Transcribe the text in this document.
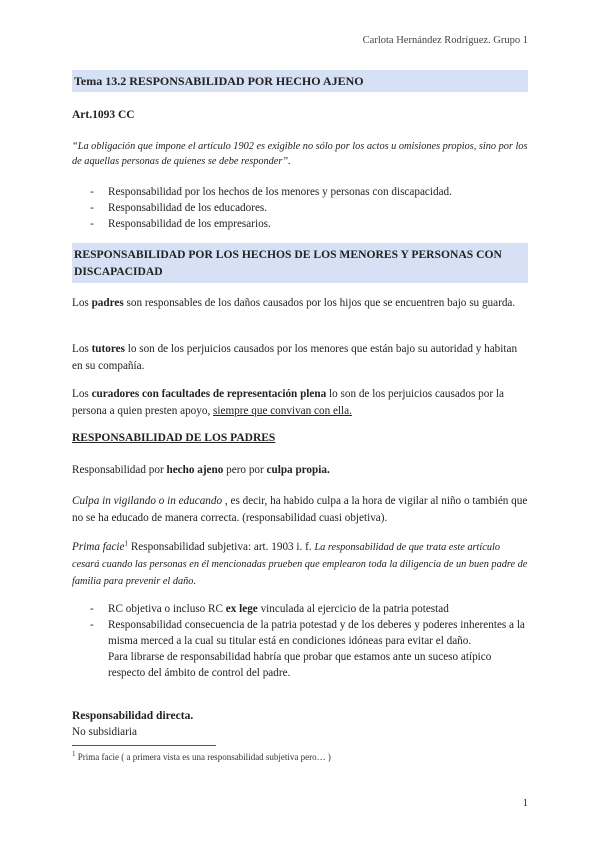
Carlota Hernández Rodríguez. Grupo 1
Tema 13.2 RESPONSABILIDAD POR HECHO AJENO
Art.1093 CC
“La obligación que impone el artículo 1902 es exigible no sólo por los actos u omisiones propios, sino por los de aquellas personas de quienes se debe responder”.
- Responsabilidad por los hechos de los menores y personas con discapacidad.
- Responsabilidad de los educadores.
- Responsabilidad de los empresarios.
RESPONSABILIDAD POR LOS HECHOS DE LOS MENORES Y PERSONAS CON DISCAPACIDAD
Los padres son responsables de los daños causados por los hijos que se encuentren bajo su guarda.
Los tutores lo son de los perjuicios causados por los menores que están bajo su autoridad y habitan en su compañía.
Los curadores con facultades de representación plena lo son de los perjuicios causados por la persona a quien presten apoyo, siempre que convivan con ella.
RESPONSABILIDAD DE LOS PADRES
Responsabilidad por hecho ajeno pero por culpa propia.
Culpa in vigilando o in educando , es decir, ha habido culpa a la hora de vigilar al niño o también que no se ha educado de manera correcta. (responsabilidad cuasi objetiva).
Prima facie$^1$ Responsabilidad subjetiva: art. 1903 i. f. La responsabilidad de que trata este artículo cesará cuando las personas en él mencionadas prueben que emplearon toda la diligencia de un buen padre de familia para prevenir el daño.
- RC objetiva o incluso RC ex lege vinculada al ejercicio de la patria potestad
- Responsabilidad consecuencia de la patria potestad y de los deberes y poderes inherentes a la misma merced a la cual su titular está en condiciones idóneas para evitar el daño.
Para librarse de responsabilidad habría que probar que estamos ante un suceso atípico respecto del ámbito de control del padre.
Responsabilidad directa.
No subsidiaria
$^1$ Prima facie ( a primera vista es una responsabilidad subjetiva pero… )
1
